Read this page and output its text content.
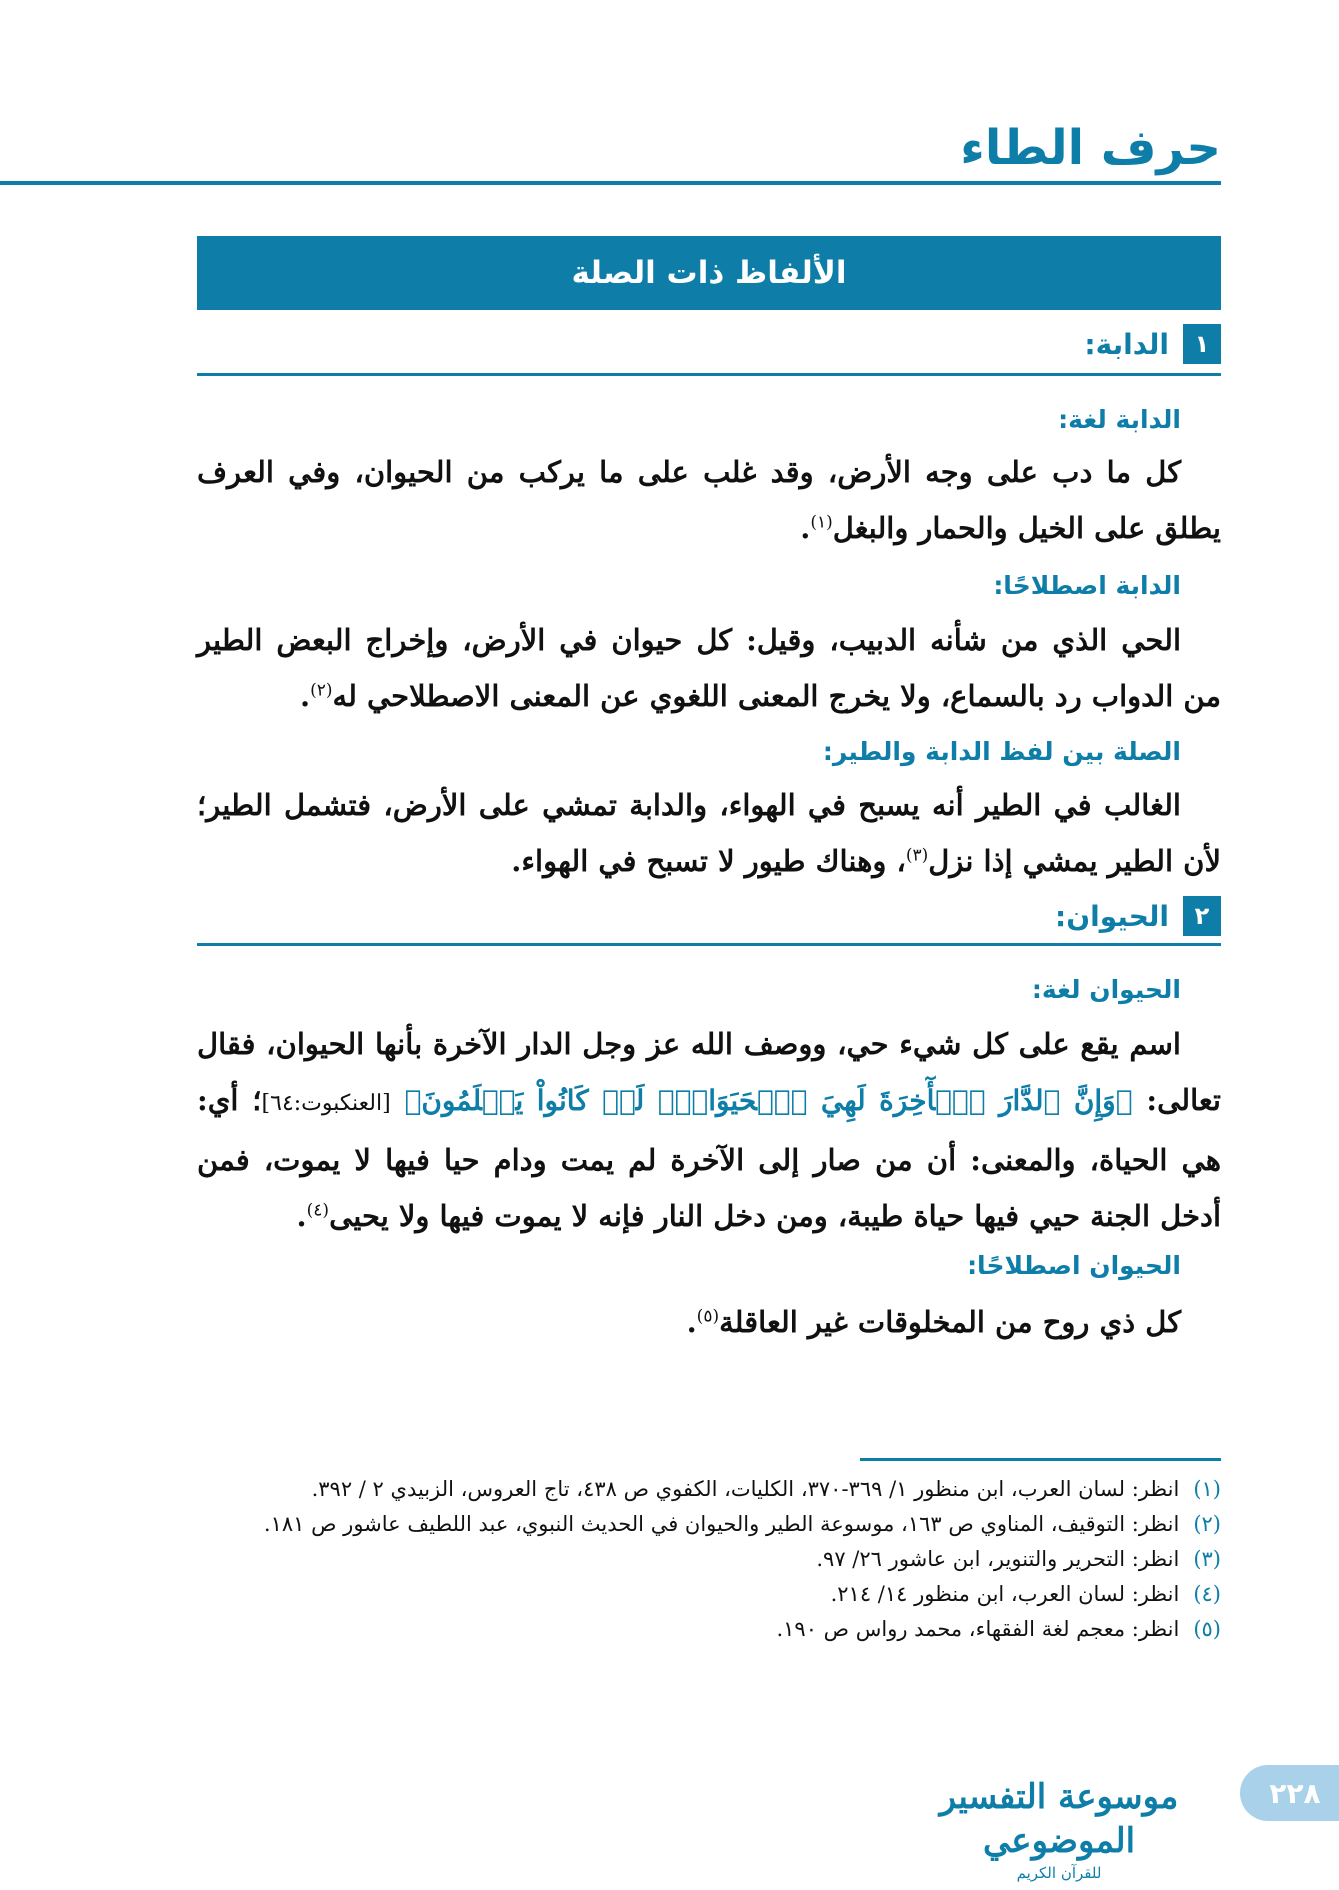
حرف الطاء
الألفاظ ذات الصلة
١
الدابة:
الدابة لغة:

كل ما دب على وجه الأرض، وقد غلب على ما يركب من الحيوان، وفي العرف يطلق على الخيل والحمار والبغل$^{(١)}$.

الدابة اصطلاحًا:

الحي الذي من شأنه الدبيب، وقيل: كل حيوان في الأرض، وإخراج البعض الطير من الدواب رد بالسماع، ولا يخرج المعنى اللغوي عن المعنى الاصطلاحي له$^{(٢)}$.

الصلة بين لفظ الدابة والطير:

الغالب في الطير أنه يسبح في الهواء، والدابة تمشي على الأرض، فتشمل الطير؛ لأن الطير يمشي إذا نزل$^{(٣)}$، وهناك طيور لا تسبح في الهواء.

٢
الحيوان:
الحيوان لغة:

اسم يقع على كل شيء حي، ووصف الله عز وجل الدار الآخرة بأنها الحيوان، فقال تعالى: ﴿وَإِنَّ ٱلدَّارَ ٱلۡأٓخِرَةَ لَهِيَ ٱلۡحَيَوَانُۚ لَوۡ كَانُواْ يَعۡلَمُونَ﴾ [العنكبوت:٦٤]؛ أي: هي الحياة، والمعنى: أن من صار إلى الآخرة لم يمت ودام حيا فيها لا يموت، فمن أدخل الجنة حيي فيها حياة طيبة، ومن دخل النار فإنه لا يموت فيها ولا يحيى$^{(٤)}$.

الحيوان اصطلاحًا:

كل ذي روح من المخلوقات غير العاقلة$^{(٥)}$.

(١)
انظر: لسان العرب، ابن منظور ١/ ٣٦٩-٣٧٠، الكليات، الكفوي ص ٤٣٨، تاج العروس، الزبيدي ٢ / ٣٩٢.
(٢)
انظر: التوقيف، المناوي ص ١٦٣، موسوعة الطير والحيوان في الحديث النبوي، عبد اللطيف عاشور ص ١٨١.
(٣)
انظر: التحرير والتنوير، ابن عاشور ٢٦/ ٩٧.
(٤)
انظر: لسان العرب، ابن منظور ١٤/ ٢١٤.
(٥)
انظر: معجم لغة الفقهاء، محمد رواس ص ١٩٠.
موسوعة التفسير الموضوعي
للقرآن الكريم
٢٢٨
